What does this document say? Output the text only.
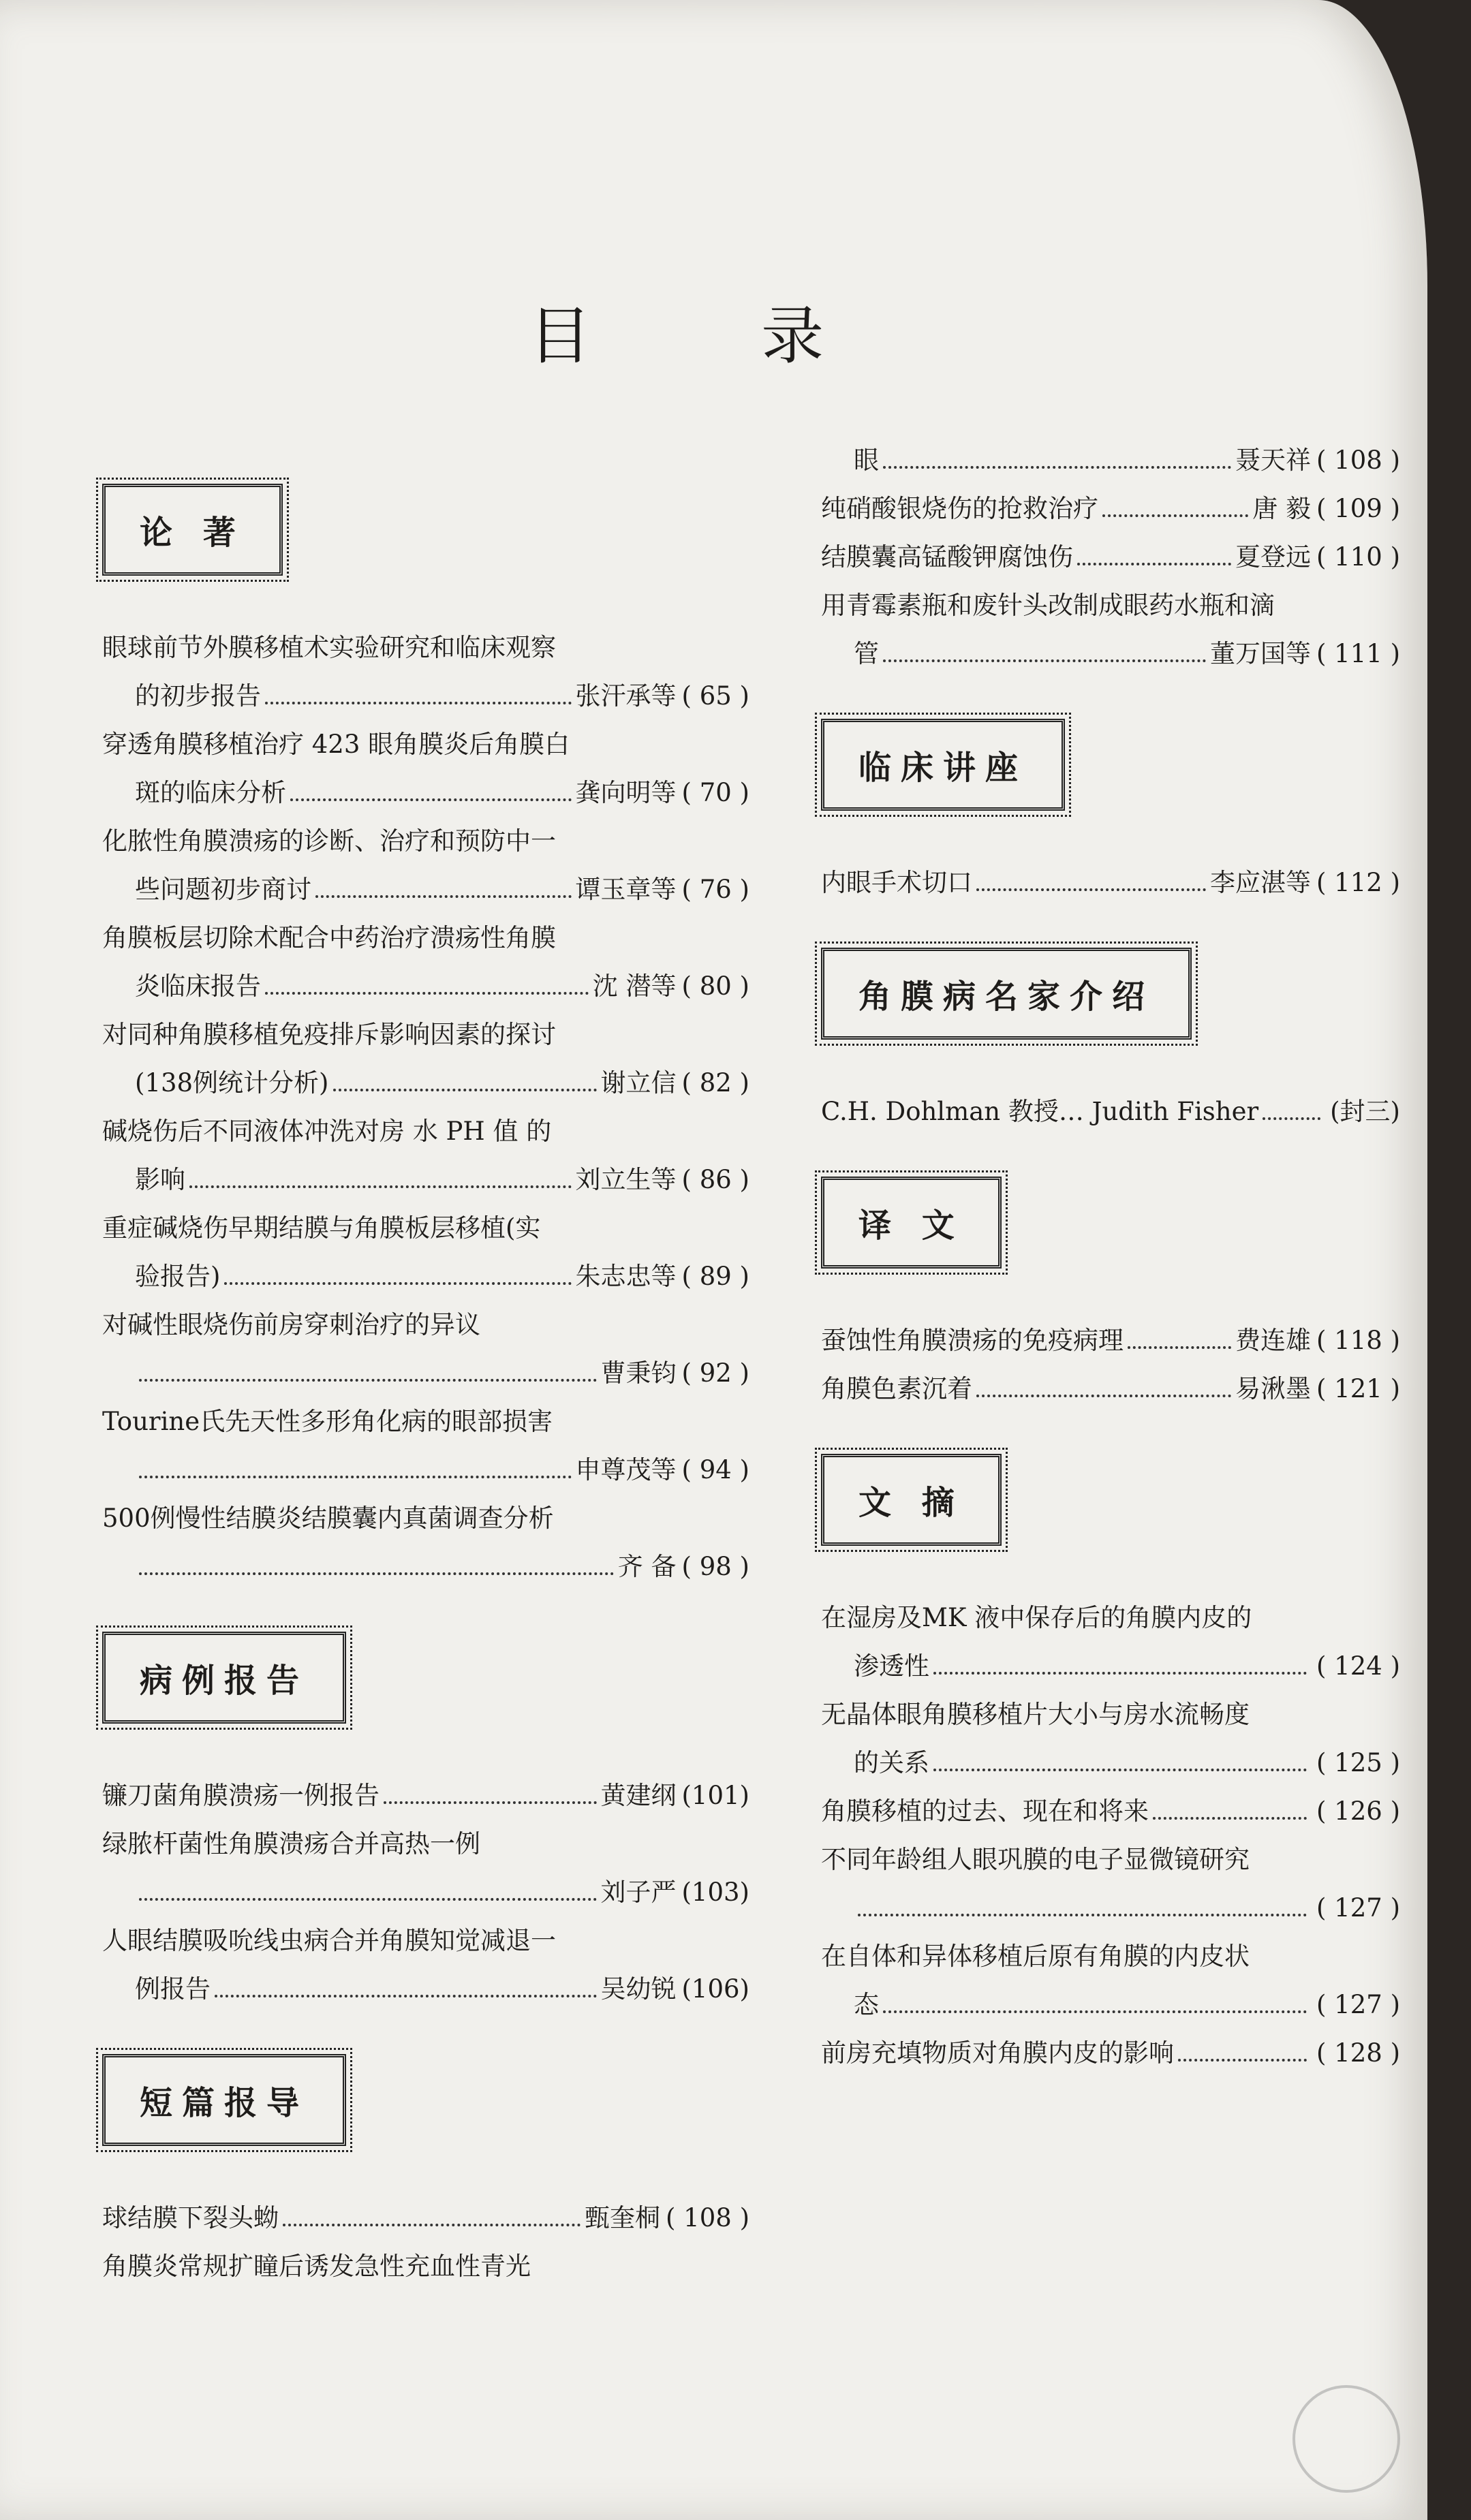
目 录
论 著
眼球前节外膜移植术实验研究和临床观察
的初步报告	张汗承等 ( 65 )
穿透角膜移植治疗 423 眼角膜炎后角膜白
斑的临床分析	龚向明等 ( 70 )
化脓性角膜溃疡的诊断、治疗和预防中一
些问题初步商讨	谭玉章等 ( 76 )
角膜板层切除术配合中药治疗溃疡性角膜
炎临床报告	沈 潜等 ( 80 )
对同种角膜移植免疫排斥影响因素的探讨
(138例统计分析)	谢立信 ( 82 )
碱烧伤后不同液体冲洗对房 水 PH 值 的
影响	刘立生等 ( 86 )
重症碱烧伤早期结膜与角膜板层移植(实
验报告)	朱志忠等 ( 89 )
对碱性眼烧伤前房穿刺治疗的异议
曹秉钧 ( 92 )
Tourine氏先天性多形角化病的眼部损害
申尊茂等 ( 94 )
500例慢性结膜炎结膜囊内真菌调查分析
齐 备 ( 98 )
病例报告
镰刀菌角膜溃疡一例报告	黄建纲 (101)
绿脓杆菌性角膜溃疡合并高热一例
刘子严 (103)
人眼结膜吸吮线虫病合并角膜知觉减退一
例报告	吴幼锐 (106)
短篇报导
球结膜下裂头蚴	甄奎桐 ( 108 )
角膜炎常规扩瞳后诱发急性充血性青光
眼	聂天祥 ( 108 )
纯硝酸银烧伤的抢救治疗	唐 毅 ( 109 )
结膜囊高锰酸钾腐蚀伤	夏登远 ( 110 )
用青霉素瓶和废针头改制成眼药水瓶和滴
管	董万国等 ( 111 )
临床讲座
内眼手术切口	李应湛等 ( 112 )
角膜病名家介绍
C.H. Dohlman 教授… Judith Fisher	(封三)
译 文
蚕蚀性角膜溃疡的免疫病理	费连雄 ( 118 )
角膜色素沉着	易湫墨 ( 121 )
文 摘
在湿房及MK 液中保存后的角膜内皮的
渗透性	( 124 )
无晶体眼角膜移植片大小与房水流畅度
的关系	( 125 )
角膜移植的过去、现在和将来	( 126 )
不同年龄组人眼巩膜的电子显微镜研究
( 127 )
在自体和异体移植后原有角膜的内皮状
态	( 127 )
前房充填物质对角膜内皮的影响	( 128 )
